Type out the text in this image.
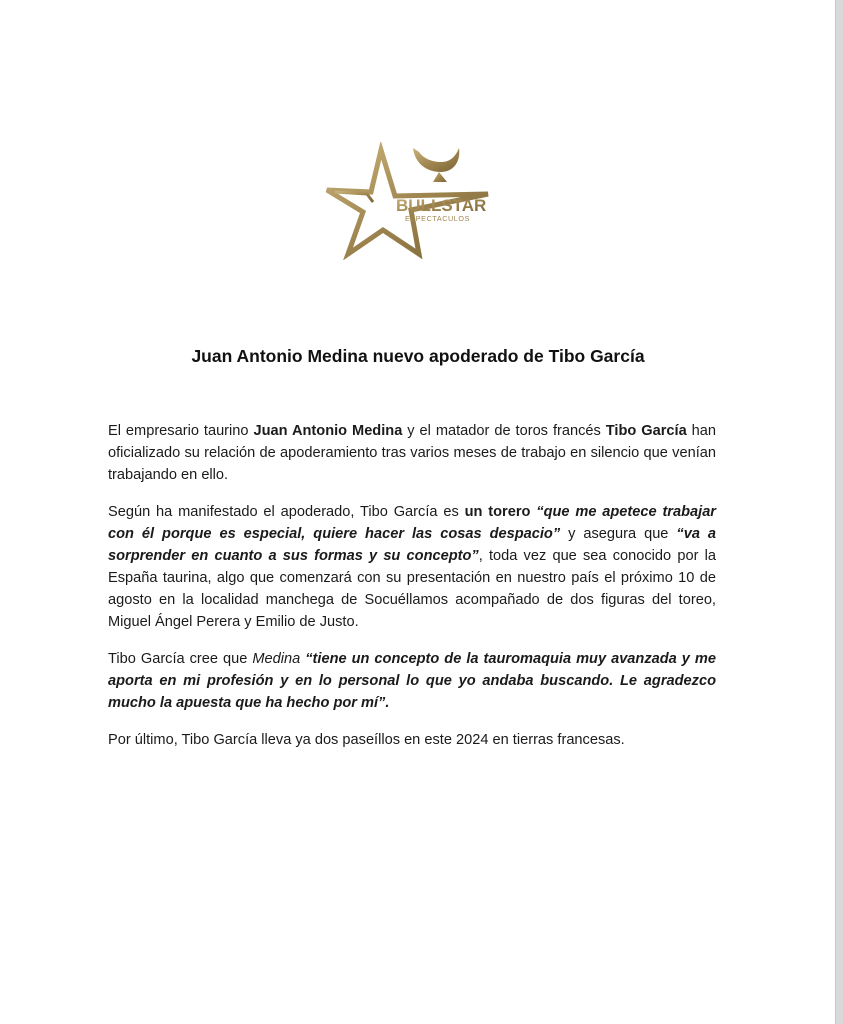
BULLSTAR
ESPECTACULOS
Juan Antonio Medina nuevo apoderado de Tibo García

El empresario taurino Juan Antonio Medina y el matador de toros francés Tibo García han oficializado su relación de apoderamiento tras varios meses de trabajo en silencio que venían trabajando en ello.

Según ha manifestado el apoderado, Tibo García es un torero “que me apetece trabajar con él porque es especial, quiere hacer las cosas despacio” y asegura que “va a sorprender en cuanto a sus formas y su concepto”, toda vez que sea conocido por la España taurina, algo que comenzará con su presentación en nuestro país el próximo 10 de agosto en la localidad manchega de Socuéllamos acompañado de dos figuras del toreo, Miguel Ángel Perera y Emilio de Justo.

Tibo García cree que Medina “tiene un concepto de la tauromaquia muy avanzada y me aporta en mi profesión y en lo personal lo que yo andaba buscando. Le agradezco mucho la apuesta que ha hecho por mí”.

Por último, Tibo García lleva ya dos paseíllos en este 2024 en tierras francesas.
